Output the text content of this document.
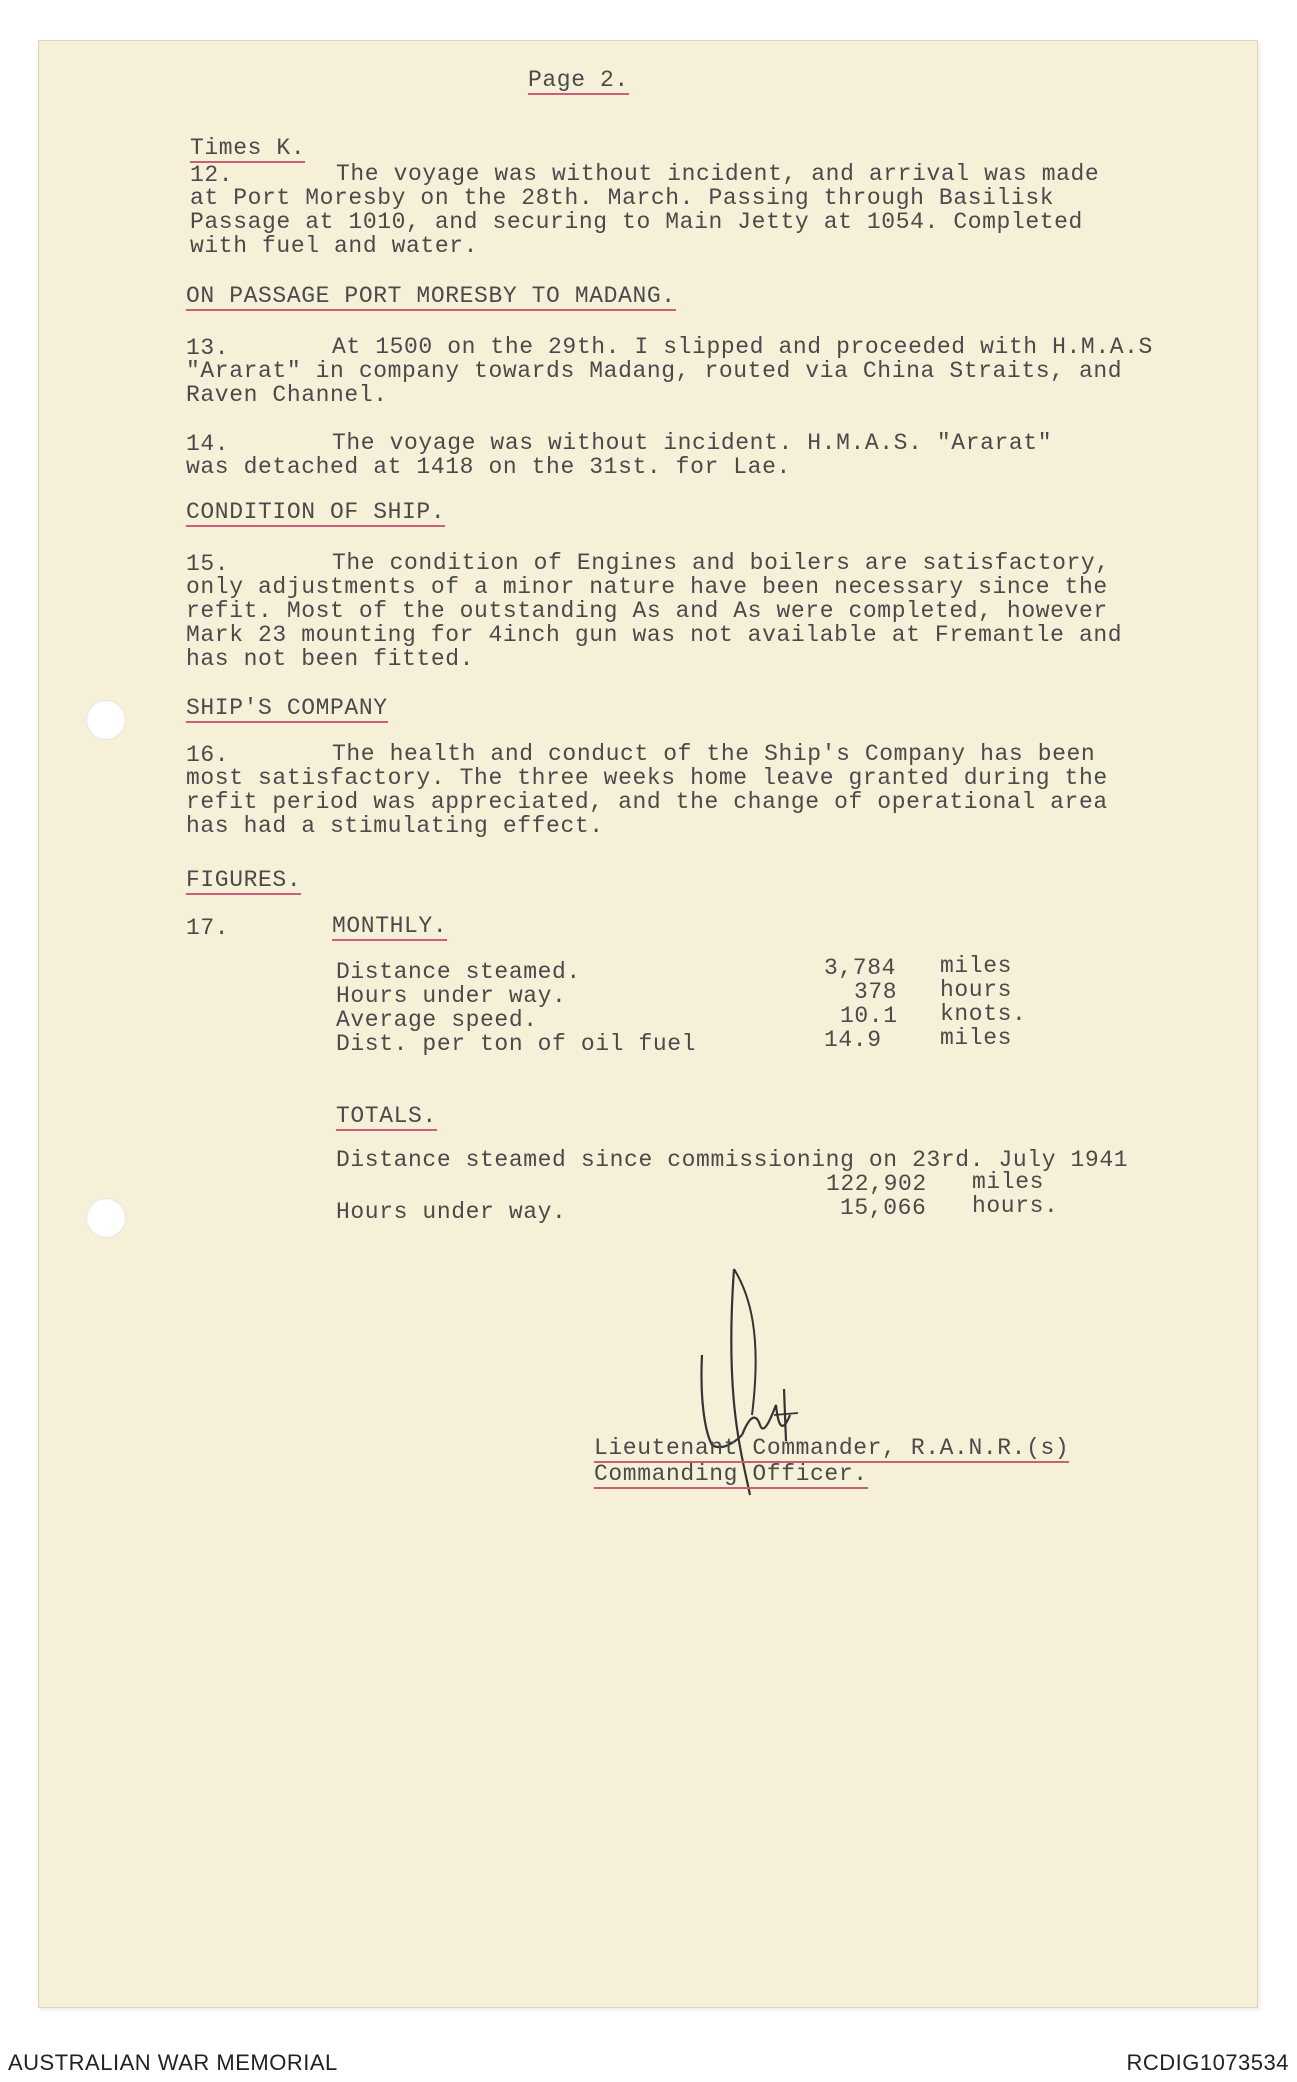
Page 2.
Times K.
12.	The voyage was without incident, and arrival was made
at Port Moresby on the 28th. March. Passing through Basilisk
Passage at 1010, and securing to Main Jetty at 1054. Completed
with fuel and water.
ON PASSAGE PORT MORESBY TO MADANG.
13.	At 1500 on the 29th. I slipped and proceeded with H.M.A.S
"Ararat" in company towards Madang, routed via China Straits, and
Raven Channel.
14.	The voyage was without incident. H.M.A.S. "Ararat"
was detached at 1418 on the 31st. for Lae.
CONDITION OF SHIP.
15.	The condition of Engines and boilers are satisfactory,
only adjustments of a minor nature have been necessary since the
refit. Most of the outstanding As and As were completed, however
Mark 23 mounting for 4inch gun was not available at Fremantle and
has not been fitted.
SHIP'S COMPANY
16.	The health and conduct of the Ship's Company has been
most satisfactory. The three weeks home leave granted during the
refit period was appreciated, and the change of operational area
has had a stimulating effect.
FIGURES.
17.	MONTHLY.
Distance steamed.	3,784 miles
Hours under way.	378 hours
Average speed.	10.1 knots.
Dist. per ton of oil fuel	14.9	miles
TOTALS.
Distance steamed since commissioning on 23rd. July 1941
122,902 miles
Hours under way.	15,066 hours.
Lieutenant Commander, R.A.N.R.(s)
Commanding Officer.
AUSTRALIAN WAR MEMORIAL	RCDIG1073534
